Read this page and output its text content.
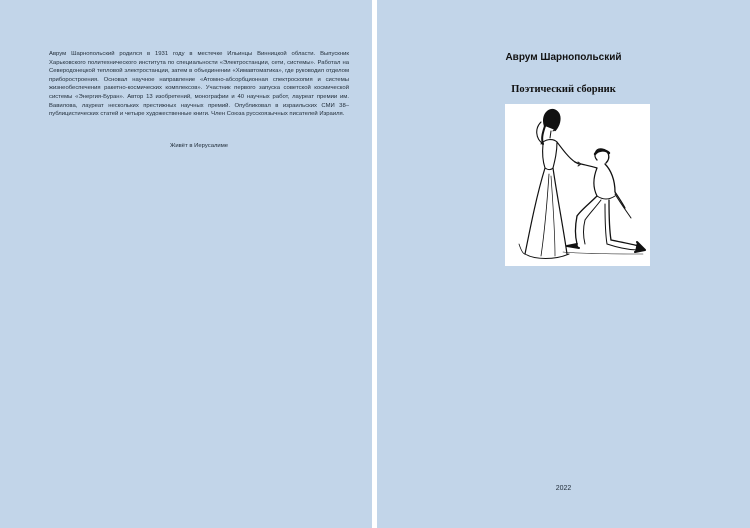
Аврум Шарнопольский родился в 1931 году в местечке Ильинцы Винницкой области. Выпускник Харьковского политехнического института по специальности «Электростанции, сети, системы». Работал на Северодонецкой тепловой электростанции, затем в объединении «Химавтоматика», где руководил отделом приборостроения. Основал научное направление «Атомно-абсорбционная спектроскопия и системы жизнеобеспечения ракетно-космических комплексов». Участник первого запуска советской космической системы «Энергия-Буран». Автор 13 изобретений, монографии и 40 научных работ, лауреат премии им. Вавилова, лауреат нескольких престижных научных премий. Опубликовал в израильских СМИ 38– публицистических статей и четыре художественные книги. Член Союза русскоязычных писателей Израиля.

Живёт в Иерусалиме

Аврум Шарнопольский

Поэтический сборник

2022
